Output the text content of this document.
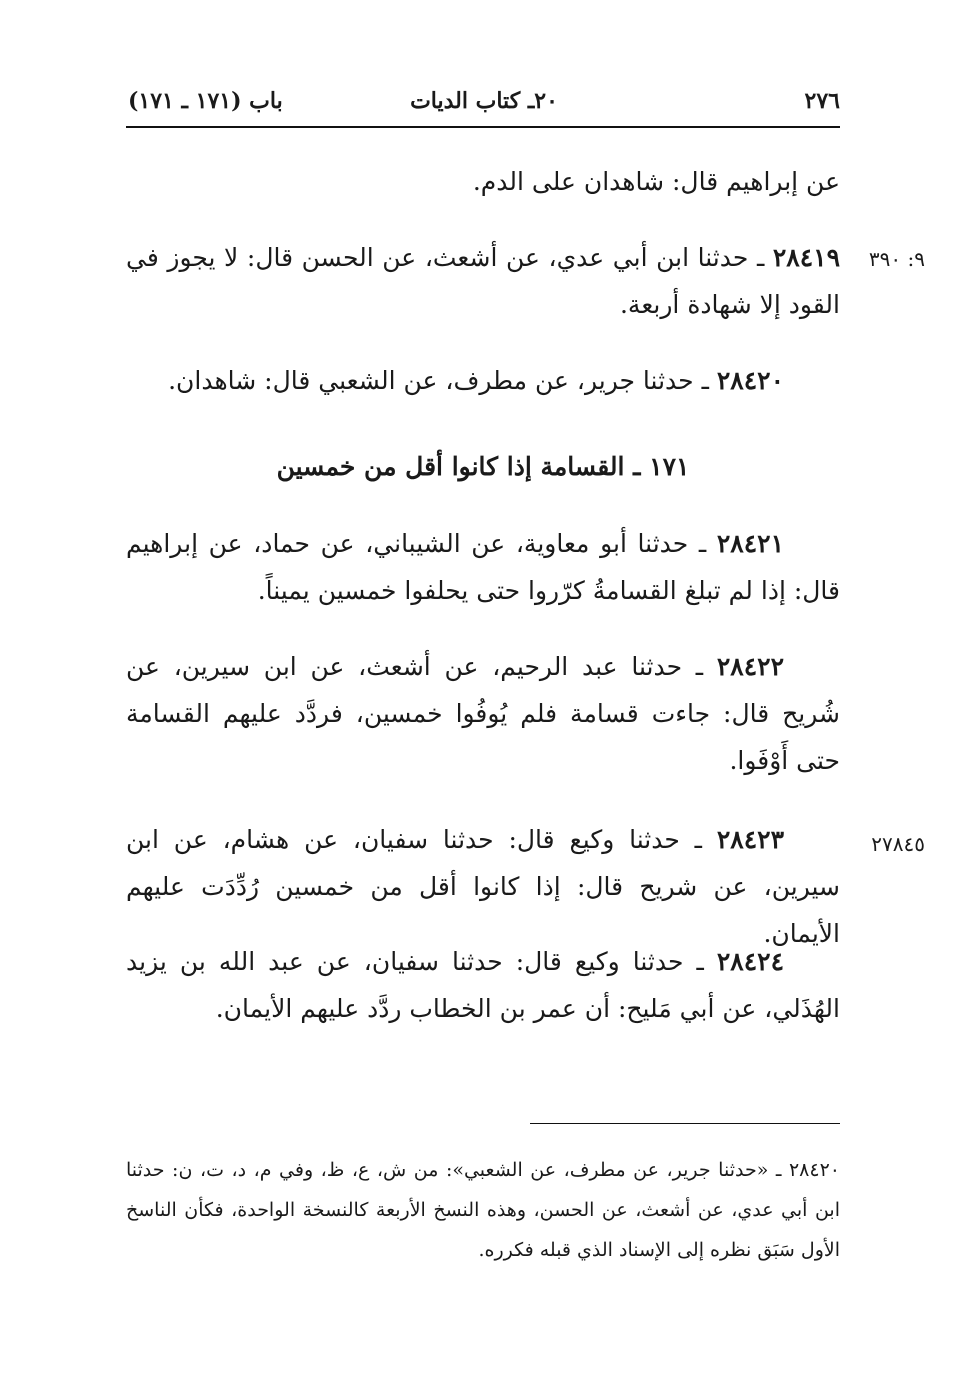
٢٧٦
٢٠ـ كتاب الديات
باب (١٧١ ـ ١٧١)
عن إبراهيم قال: شاهدان على الدم.
٩: ٣٩٠
٢٨٤١٩ ـ حدثنا ابن أبي عدي، عن أشعث، عن الحسن قال: لا يجوز في القود إلا شهادة أربعة.
٢٨٤٢٠ ـ حدثنا جرير، عن مطرف، عن الشعبي قال: شاهدان.
١٧١ ـ القسامة إذا كانوا أقل من خمسين
٢٨٤٢١ ـ حدثنا أبو معاوية، عن الشيباني، عن حماد، عن إبراهيم قال: إذا لم تبلغ القسامةُ كرّروا حتى يحلفوا خمسين يميناً.
٢٨٤٢٢ ـ حدثنا عبد الرحيم، عن أشعث، عن ابن سيرين، عن شُريح قال: جاءت قسامة فلم يُوفُوا خمسين، فردَّد عليهم القسامة حتى أَوْفَوا.
٢٧٨٤٥
٢٨٤٢٣ ـ حدثنا وكيع قال: حدثنا سفيان، عن هشام، عن ابن سيرين، عن شريح قال: إذا كانوا أقل من خمسين رُدِّدَت عليهم الأيمان.
٢٨٤٢٤ ـ حدثنا وكيع قال: حدثنا سفيان، عن عبد الله بن يزيد الهُذَلي، عن أبي مَليح: أن عمر بن الخطاب ردَّد عليهم الأيمان.
٢٨٤٢٠ ـ «حدثنا جرير، عن مطرف، عن الشعبي»: من ش، ع، ظ، وفي م، د، ت، ن: حدثنا ابن أبي عدي، عن أشعث، عن الحسن، وهذه النسخ الأربعة كالنسخة الواحدة، فكأن الناسخ الأول سَبَق نظره إلى الإسناد الذي قبله فكرره.
